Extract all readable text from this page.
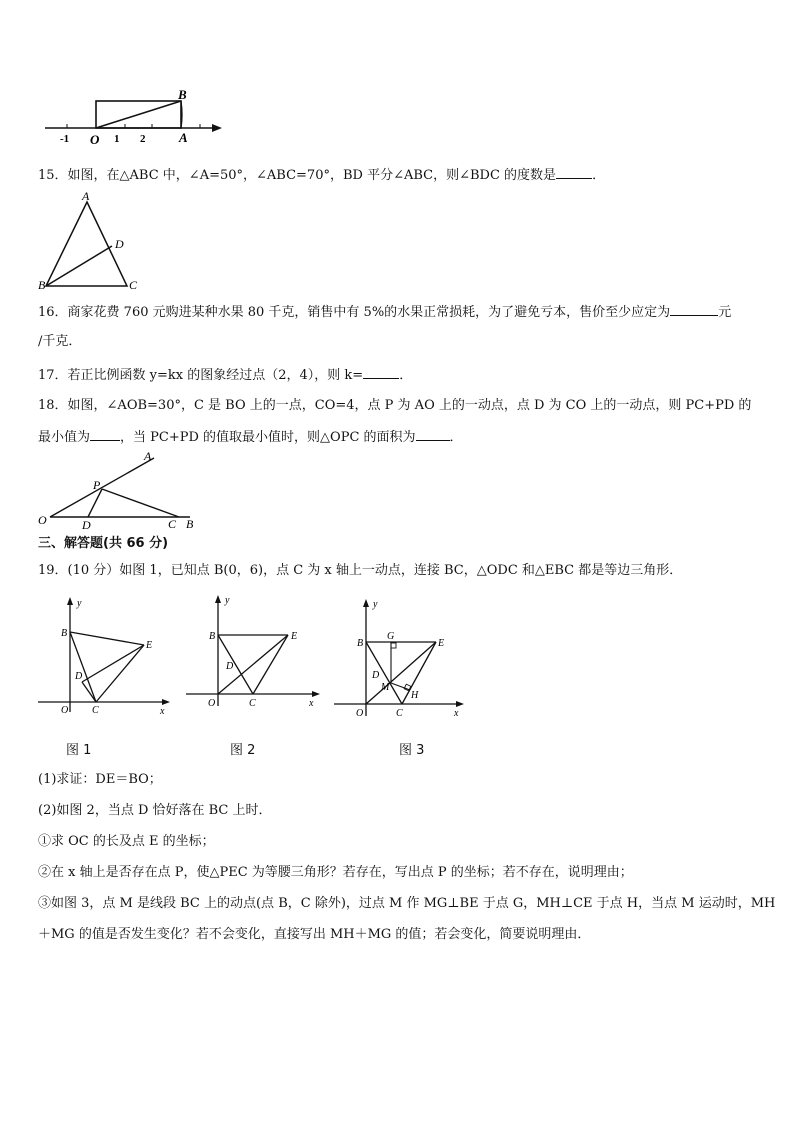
B
A
O
-1	1 2
15．如图，在△ABC 中，∠A=50°，∠ABC=70°，BD 平分∠ABC，则∠BDC 的度数是	．
A
B	C
D
16．商家花费 760 元购进某种水果 80 千克，销售中有 5%的水果正常损耗，为了避免亏本，售价至少应定为	元
/千克．
17．若正比例函数 y=kx 的图象经过点（2，4），则 k=	．
18．如图，∠AOB=30°，C 是 BO 上的一点，CO=4，点 P 为 AO 上的一动点，点 D 为 CO 上的一动点，则 PC+PD 的
最小值为 ，当 PC+PD 的值取最小值时，则△OPC 的面积为	．
A
P
O	D	C B
三、解答题(共 66 分)
19．(10 分）如图 1，已知点 B(0，6)，点 C 为 x 轴上一动点，连接 BC，△ODC 和△EBC 都是等边三角形．
y
x
B
E
D
O C
图 1
y
x
B	E
D
O	C
图 2
y
x
B	E
G
D
M
H
O	C
图 3
(1)求证：DE＝BO；
(2)如图 2，当点 D 恰好落在 BC 上时．
①求 OC 的长及点 E 的坐标；
②在 x 轴上是否存在点 P，使△PEC 为等腰三角形？若存在，写出点 P 的坐标；若不存在，说明理由；
③如图 3，点 M 是线段 BC 上的动点(点 B，C 除外)，过点 M 作 MG⊥BE 于点 G，MH⊥CE 于点 H，当点 M 运动时，MH
＋MG 的值是否发生变化？若不会变化，直接写出 MH＋MG 的值；若会变化，简要说明理由．
